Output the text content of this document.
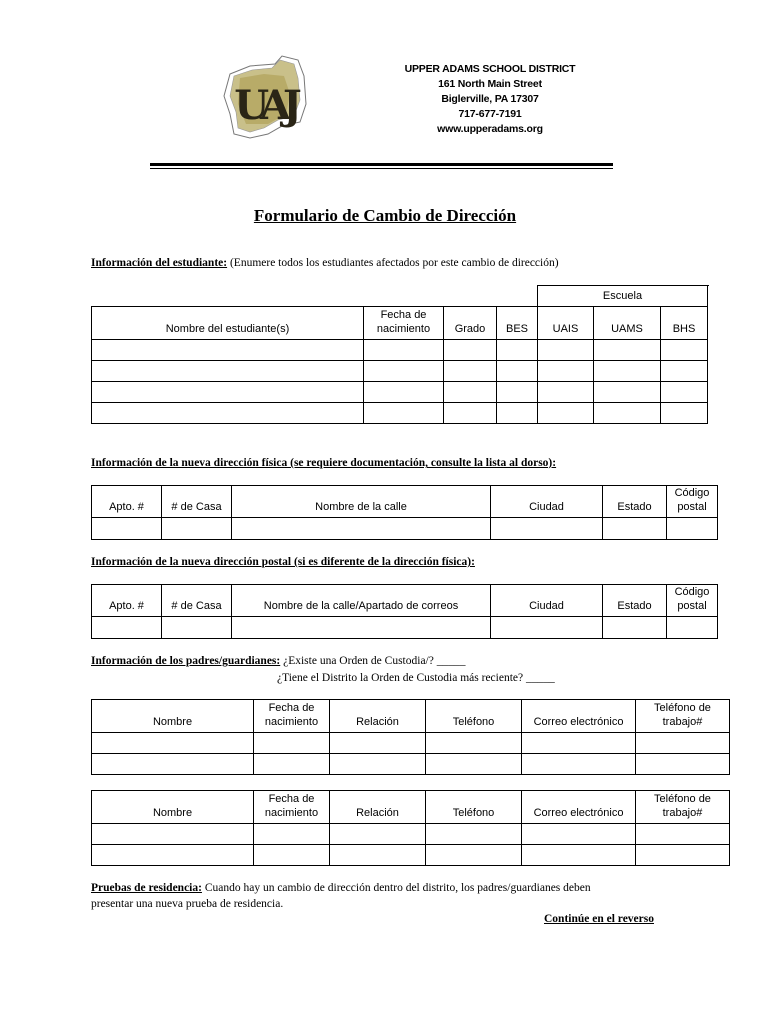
UAJ
UPPER ADAMS SCHOOL DISTRICT
161 North Main Street
Biglerville, PA 17307
717-677-7191
www.upperadams.org
Formulario de Cambio de Dirección
Información del estudiante: (Enumere todos los estudiantes afectados por este cambio de dirección)
				Escuela		
Nombre del estudiante(s)	Fecha de nacimiento	Grado	BES	UAIS	UAMS	BHS

Información de la nueva dirección física (se requiere documentación, consulte la lista al dorso):
Apto. #	# de Casa	Nombre de la calle	Ciudad	Estado	Código postal

Información de la nueva dirección postal (si es diferente de la dirección física):
Apto. #	# de Casa	Nombre de la calle/Apartado de correos	Ciudad	Estado	Código postal

Información de los padres/guardianes: ¿Existe una Orden de Custodia/? _____
¿Tiene el Distrito la Orden de Custodia más reciente? _____
Nombre	Fecha de nacimiento	Relación	Teléfono	Correo electrónico	Teléfono de trabajo#

Nombre	Fecha de nacimiento	Relación	Teléfono	Correo electrónico	Teléfono de trabajo#

Pruebas de residencia: Cuando hay un cambio de dirección dentro del distrito, los padres/guardianes deben
presentar una nueva prueba de residencia.
Continúe en el reverso
